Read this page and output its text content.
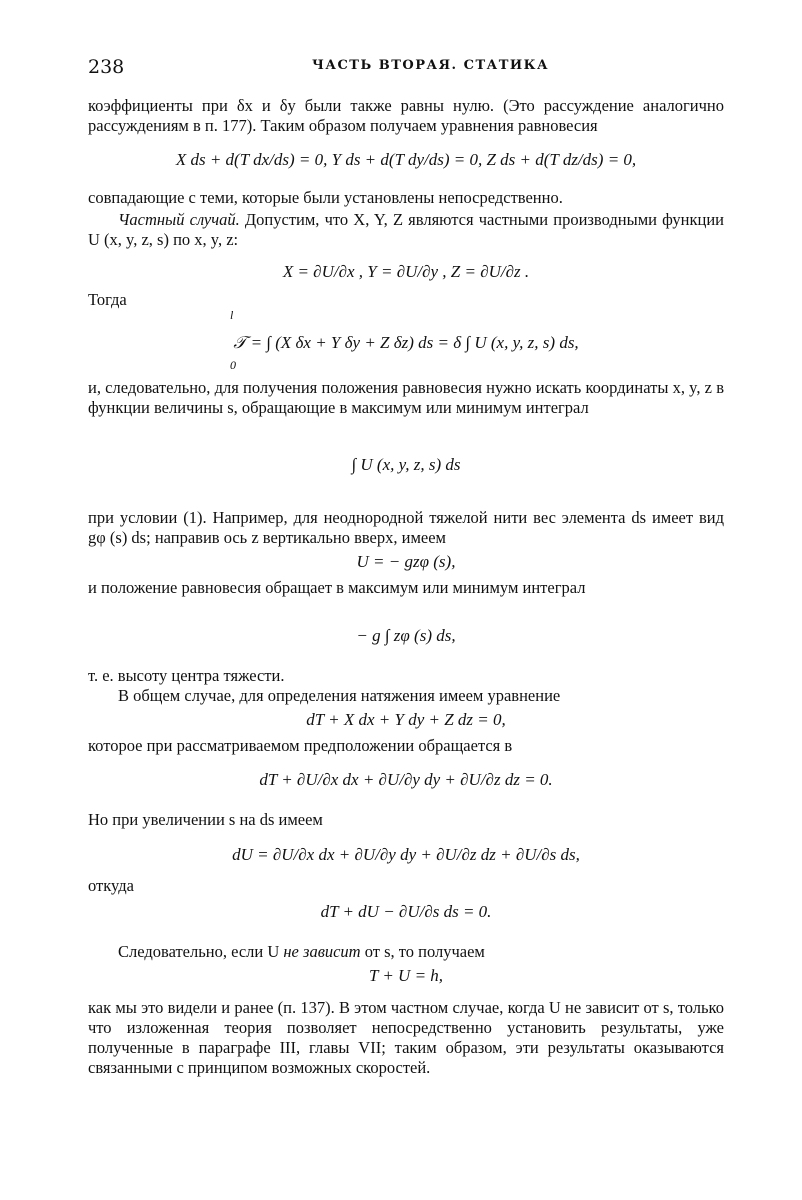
238	ЧАСТЬ ВТОРАЯ. СТАТИКА
коэффициенты при δx и δy были также равны нулю. (Это рассуждение аналогично рассуждениям в п. 177). Таким образом получаем уравнения равновесия
X ds + d(T dx/ds) = 0, Y ds + d(T dy/ds) = 0, Z ds + d(T dz/ds) = 0,
совпадающие с теми, которые были установлены непосредственно.
Частный случай. Допустим, что X, Y, Z являются частными производными функции U (x, y, z, s) по x, y, z:
X = ∂U/∂x , Y = ∂U/∂y , Z = ∂U/∂z .
Тогда
𝒯 = ∫ (X δx + Y δy + Z δz) ds = δ ∫ U (x, y, z, s) ds,
l
0
и, следовательно, для получения положения равновесия нужно искать координаты x, y, z в функции величины s, обращающие в максимум или минимум интеграл
∫ U (x, y, z, s) ds
при условии (1). Например, для неоднородной тяжелой нити вес элемента ds имеет вид gφ (s) ds; направив ось z вертикально вверх, имеем
U = − gzφ (s),
и положение равновесия обращает в максимум или минимум интеграл
− g ∫ zφ (s) ds,
т. е. высоту центра тяжести.
В общем случае, для определения натяжения имеем уравнение
dT + X dx + Y dy + Z dz = 0,
которое при рассматриваемом предположении обращается в
dT + ∂U/∂x dx + ∂U/∂y dy + ∂U/∂z dz = 0.
Но при увеличении s на ds имеем
dU = ∂U/∂x dx + ∂U/∂y dy + ∂U/∂z dz + ∂U/∂s ds,
откуда
dT + dU − ∂U/∂s ds = 0.
Следовательно, если U не зависит от s, то получаем
T + U = h,
как мы это видели и ранее (п. 137). В этом частном случае, когда U не зависит от s, только что изложенная теория позволяет непосредственно установить результаты, уже полученные в параграфе III, главы VII; таким образом, эти результаты оказываются связанными с принципом возможных скоростей.
